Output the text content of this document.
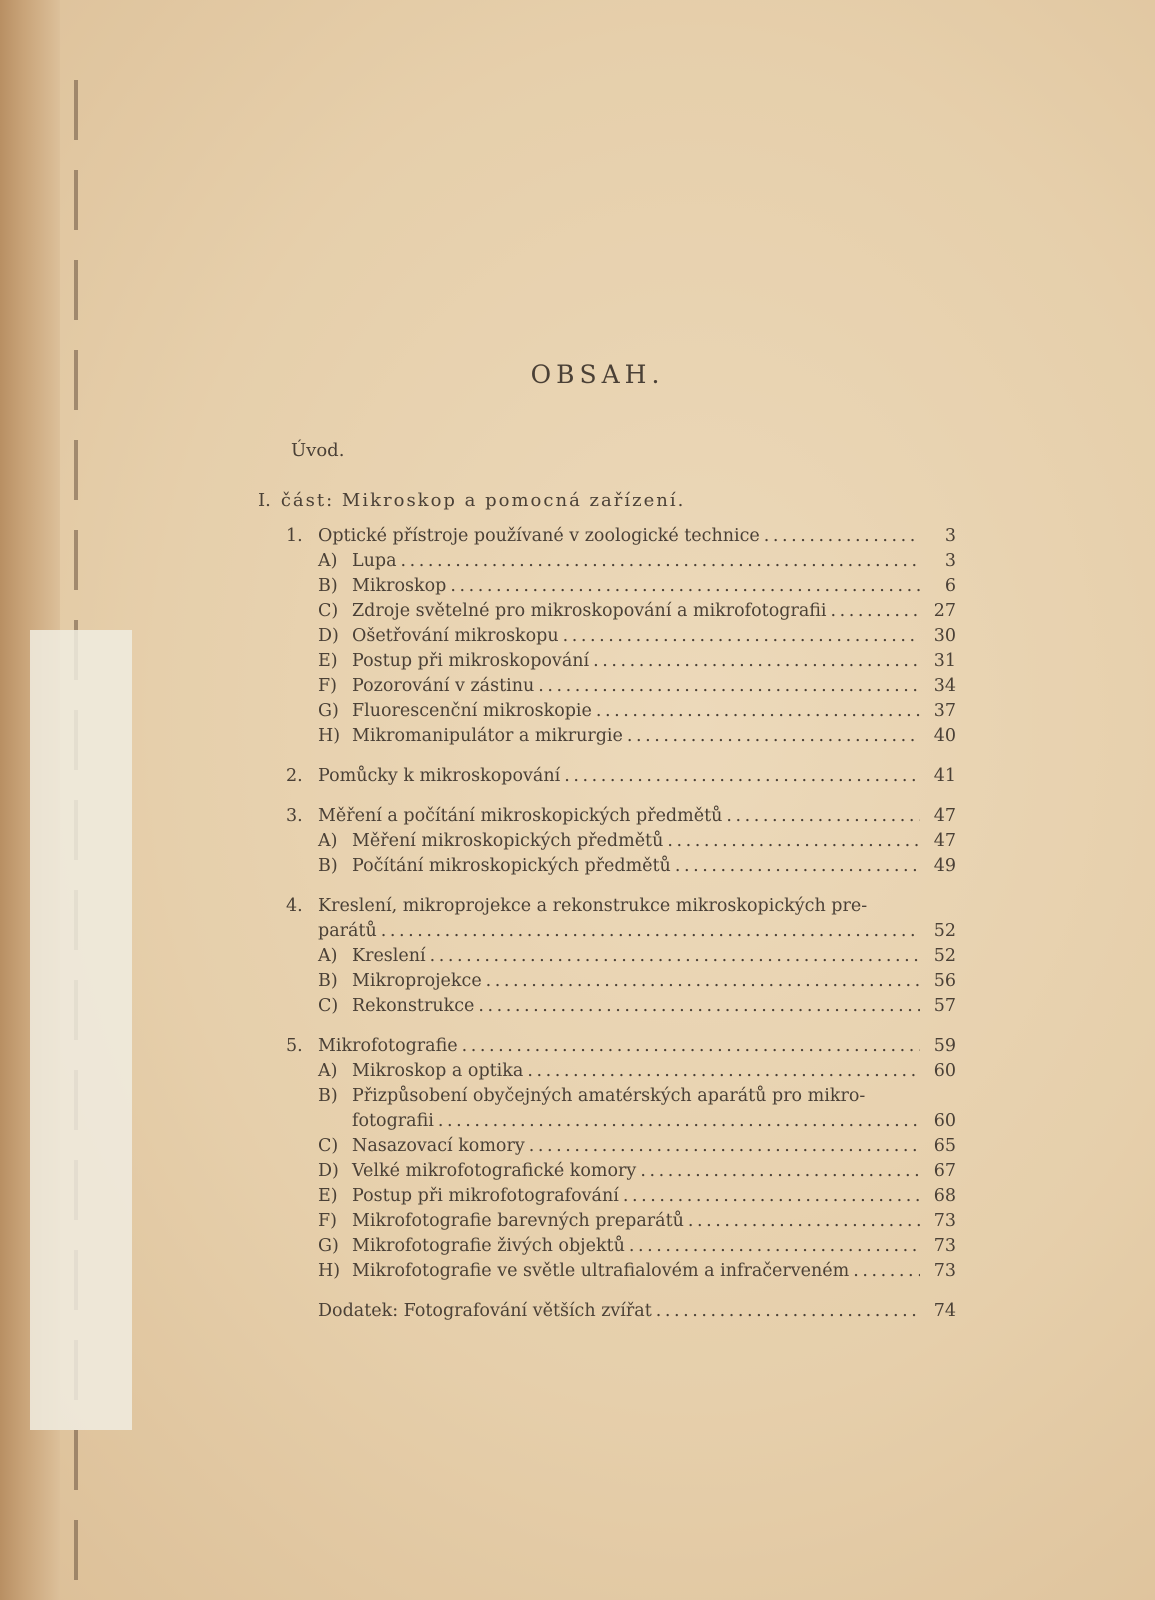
OBSAH.
Úvod.
I. část: Mikroskop a pomocná zařízení.
1. Optické přístroje používané v zoologické technice . . .	3
A) Lupa . . .	3
B) Mikroskop . . .	6
C) Zdroje světelné pro mikroskopování a mikrofotografii . . .	27
D) Ošetřování mikroskopu . . .	30
E) Postup při mikroskopování . . .	31
F) Pozorování v zástinu . . .	34
G) Fluorescenční mikroskopie . . .	37
H) Mikromanipulátor a mikrurgie . . .	40
2. Pomůcky k mikroskopování . . .	41
3. Měření a počítání mikroskopických předmětů . . .	47
A) Měření mikroskopických předmětů . . .	47
B) Počítání mikroskopických předmětů . . .	49
4. Kreslení, mikroprojekce a rekonstrukce mikroskopických pre-
parátů . . .	52
A) Kreslení . . .	52
B) Mikroprojekce . . .	56
C) Rekonstrukce . . .	57
5. Mikrofotografie . . .	59
A) Mikroskop a optika . . .	60
B) Přizpůsobení obyčejných amatérských aparátů pro mikro-
fotografii . . .	60
C) Nasazovací komory . . .	65
D) Velké mikrofotografické komory . . .	67
E) Postup při mikrofotografování . . .	68
F) Mikrofotografie barevných preparátů . . .	73
G) Mikrofotografie živých objektů . . .	73
H) Mikrofotografie ve světle ultrafialovém a infračerveném . . .	73
Dodatek: Fotografování větších zvířat . . .	74
